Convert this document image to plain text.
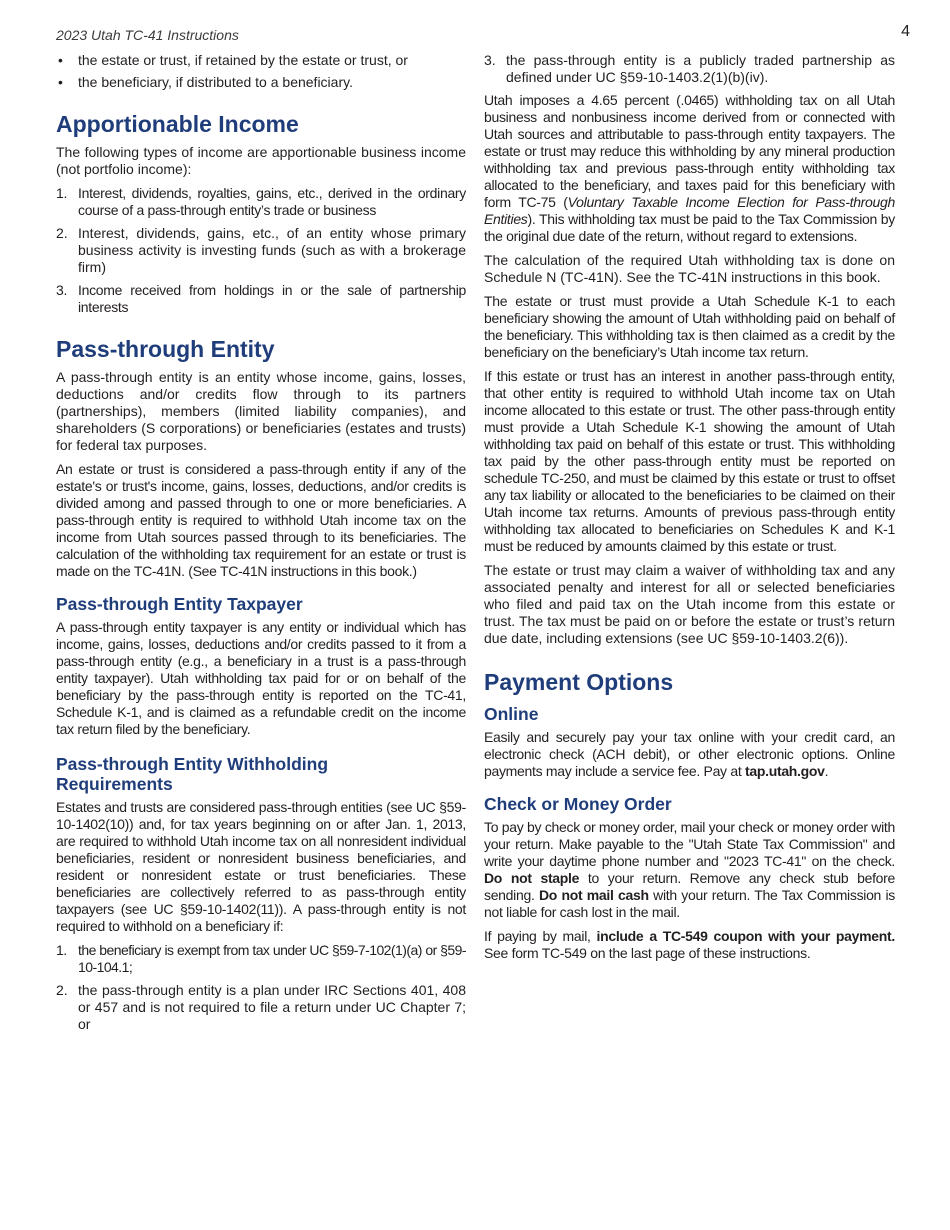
2023 Utah TC-41 Instructions	4
• the estate or trust, if retained by the estate or trust, or
• the beneficiary, if distributed to a beneficiary.
Apportionable Income

The following types of income are apportionable business income (not portfolio income):

1. Interest, dividends, royalties, gains, etc., derived in the ordinary course of a pass-through entity’s trade or business
2. Interest, dividends, gains, etc., of an entity whose primary business activity is investing funds (such as with a brokerage firm)
3. Income received from holdings in or the sale of partnership interests
Pass-through Entity

A pass-through entity is an entity whose income, gains, losses, deductions and/or credits flow through to its partners (partnerships), members (limited liability companies), and shareholders (S corporations) or beneficiaries (estates and trusts) for federal tax purposes.

An estate or trust is considered a pass-through entity if any of the estate's or trust's income, gains, losses, deductions, and/or credits is divided among and passed through to one or more beneficiaries. A pass-through entity is required to withhold Utah income tax on the income from Utah sources passed through to its beneficiaries. The calculation of the withholding tax requirement for an estate or trust is made on the TC-41N. (See TC-41N instructions in this book.)

Pass-through Entity Taxpayer

A pass-through entity taxpayer is any entity or individual which has income, gains, losses, deductions and/or credits passed to it from a pass-through entity (e.g., a beneficiary in a trust is a pass-through entity taxpayer). Utah withholding tax paid for or on behalf of the beneficiary by the pass-through entity is reported on the TC-41, Schedule K-1, and is claimed as a refundable credit on the income tax return filed by the beneficiary.

Pass-through Entity Withholding Requirements

Estates and trusts are considered pass-through entities (see UC §59-10-1402(10)) and, for tax years beginning on or after Jan. 1, 2013, are required to withhold Utah income tax on all nonresident individual beneficiaries, resident or nonresident business beneficiaries, and resident or nonresident estate or trust beneficiaries. These beneficiaries are collectively referred to as pass-through entity taxpayers (see UC §59-10-1402(11)). A pass-through entity is not required to withhold on a beneficiary if:

1. the beneficiary is exempt from tax under UC §59-7-102(1)(a) or §59-10-104.1;
2. the pass-through entity is a plan under IRC Sections 401, 408 or 457 and is not required to file a return under UC Chapter 7; or
3. the pass-through entity is a publicly traded partnership as defined under UC §59-10-1403.2(1)(b)(iv).

Utah imposes a 4.65 percent (.0465) withholding tax on all Utah business and nonbusiness income derived from or connected with Utah sources and attributable to pass-through entity taxpayers. The estate or trust may reduce this withholding by any mineral production withholding tax and previous pass-through entity withholding tax allocated to the beneficiary, and taxes paid for this beneficiary with form TC-75 (Voluntary Taxable Income Election for Pass-through Entities). This withholding tax must be paid to the Tax Commission by the original due date of the return, without regard to extensions.

The calculation of the required Utah withholding tax is done on Schedule N (TC-41N). See the TC-41N instructions in this book.

The estate or trust must provide a Utah Schedule K-1 to each beneficiary showing the amount of Utah withholding paid on behalf of the beneficiary. This withholding tax is then claimed as a credit by the beneficiary on the beneficiary’s Utah income tax return.

If this estate or trust has an interest in another pass-through entity, that other entity is required to withhold Utah income tax on Utah income allocated to this estate or trust. The other pass-through entity must provide a Utah Schedule K-1 showing the amount of Utah withholding tax paid on behalf of this estate or trust. This withholding tax paid by the other pass-through entity must be reported on schedule TC-250, and must be claimed by this estate or trust to offset any tax liability or allocated to the beneficiaries to be claimed on their Utah income tax returns. Amounts of previous pass-through entity withholding tax allocated to beneficiaries on Schedules K and K-1 must be reduced by amounts claimed by this estate or trust.

The estate or trust may claim a waiver of withholding tax and any associated penalty and interest for all or selected beneficiaries who filed and paid tax on the Utah income from this estate or trust. The tax must be paid on or before the estate or trust’s return due date, including extensions (see UC §59-10-1403.2(6)).

Payment Options
Online

Easily and securely pay your tax online with your credit card, an electronic check (ACH debit), or other electronic options. Online payments may include a service fee. Pay at tap.utah.gov.

Check or Money Order

To pay by check or money order, mail your check or money order with your return. Make payable to the "Utah State Tax Commission" and write your daytime phone number and "2023 TC-41" on the check. Do not staple to your return. Remove any check stub before sending. Do not mail cash with your return. The Tax Commission is not liable for cash lost in the mail.

If paying by mail, include a TC-549 coupon with your payment. See form TC-549 on the last page of these instructions.
